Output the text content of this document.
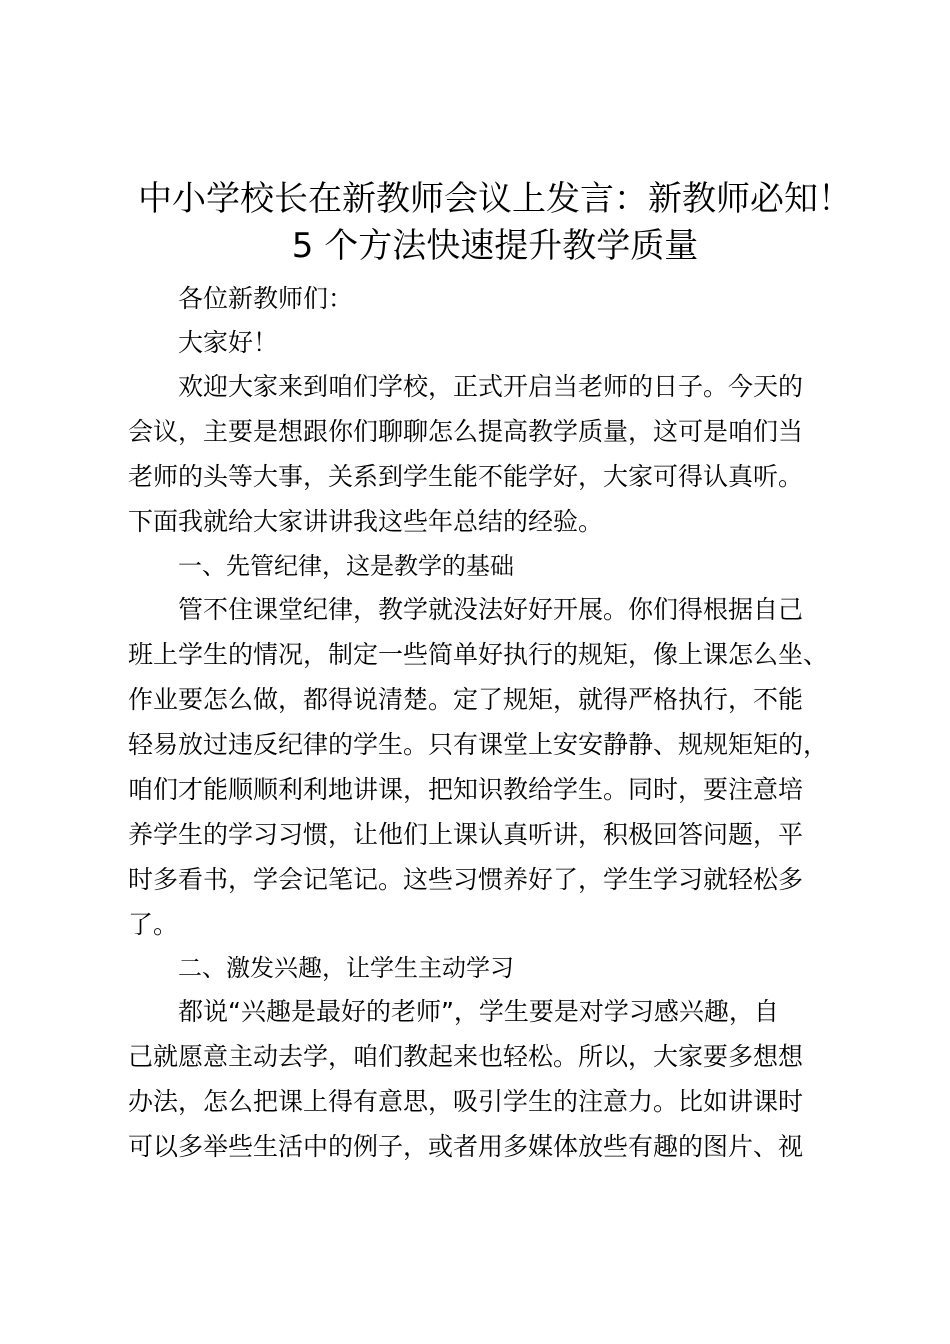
中小学校长在新教师会议上发言：新教师必知！
5 个方法快速提升教学质量

各位新教师们：

大家好！

欢迎大家来到咱们学校，正式开启当老师的日子。今天的

会议，主要是想跟你们聊聊怎么提高教学质量，这可是咱们当

老师的头等大事，关系到学生能不能学好，大家可得认真听。

下面我就给大家讲讲我这些年总结的经验。

一、先管纪律，这是教学的基础

管不住课堂纪律，教学就没法好好开展。你们得根据自己

班上学生的情况，制定一些简单好执行的规矩，像上课怎么坐、

作业要怎么做，都得说清楚。定了规矩，就得严格执行，不能

轻易放过违反纪律的学生。只有课堂上安安静静、规规矩矩的，

咱们才能顺顺利利地讲课，把知识教给学生。同时，要注意培

养学生的学习习惯，让他们上课认真听讲，积极回答问题，平

时多看书，学会记笔记。这些习惯养好了，学生学习就轻松多

了。

二、激发兴趣，让学生主动学习

都说“兴趣是最好的老师”，学生要是对学习感兴趣，自

己就愿意主动去学，咱们教起来也轻松。所以，大家要多想想

办法，怎么把课上得有意思，吸引学生的注意力。比如讲课时

可以多举些生活中的例子，或者用多媒体放些有趣的图片、视
